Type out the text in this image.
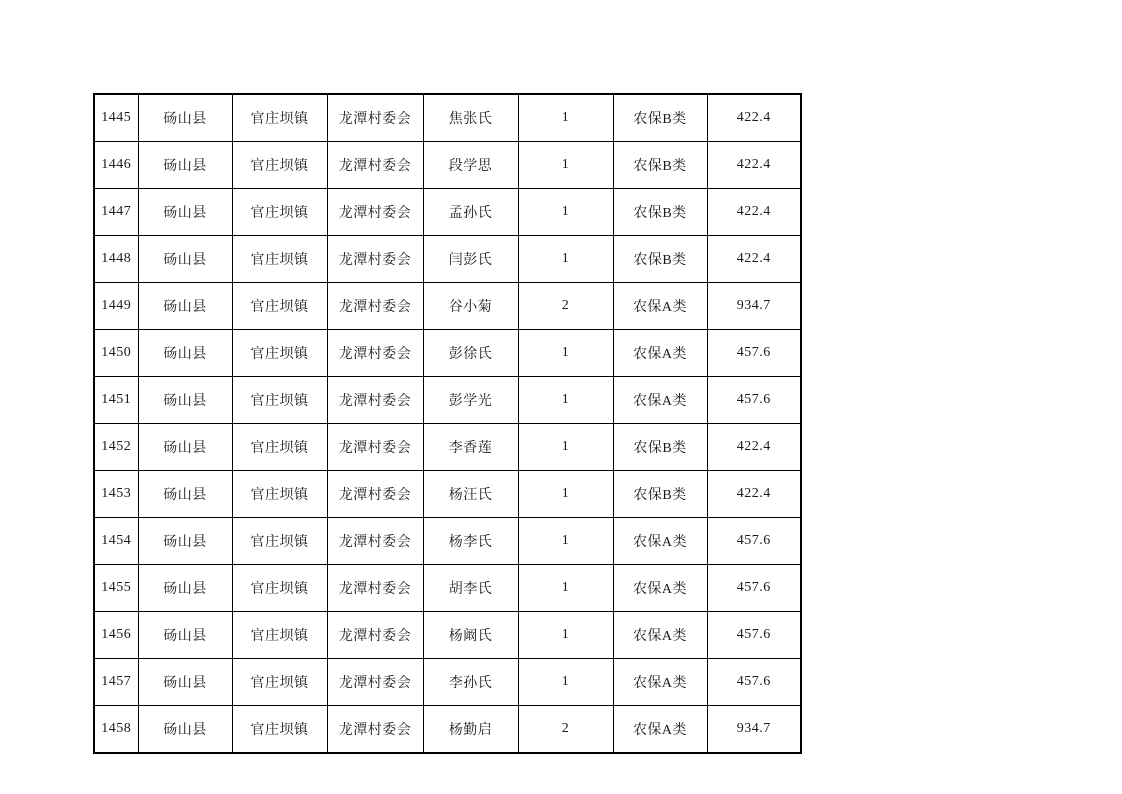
1445	砀山县	官庄坝镇	龙潭村委会	焦张氏	1	农保B类	422.4
1446	砀山县	官庄坝镇	龙潭村委会	段学思	1	农保B类	422.4
1447	砀山县	官庄坝镇	龙潭村委会	孟孙氏	1	农保B类	422.4
1448	砀山县	官庄坝镇	龙潭村委会	闫彭氏	1	农保B类	422.4
1449	砀山县	官庄坝镇	龙潭村委会	谷小菊	2	农保A类	934.7
1450	砀山县	官庄坝镇	龙潭村委会	彭徐氏	1	农保A类	457.6
1451	砀山县	官庄坝镇	龙潭村委会	彭学光	1	农保A类	457.6
1452	砀山县	官庄坝镇	龙潭村委会	李香莲	1	农保B类	422.4
1453	砀山县	官庄坝镇	龙潭村委会	杨汪氏	1	农保B类	422.4
1454	砀山县	官庄坝镇	龙潭村委会	杨李氏	1	农保A类	457.6
1455	砀山县	官庄坝镇	龙潭村委会	胡李氏	1	农保A类	457.6
1456	砀山县	官庄坝镇	龙潭村委会	杨阚氏	1	农保A类	457.6
1457	砀山县	官庄坝镇	龙潭村委会	李孙氏	1	农保A类	457.6
1458	砀山县	官庄坝镇	龙潭村委会	杨勤启	2	农保A类	934.7
